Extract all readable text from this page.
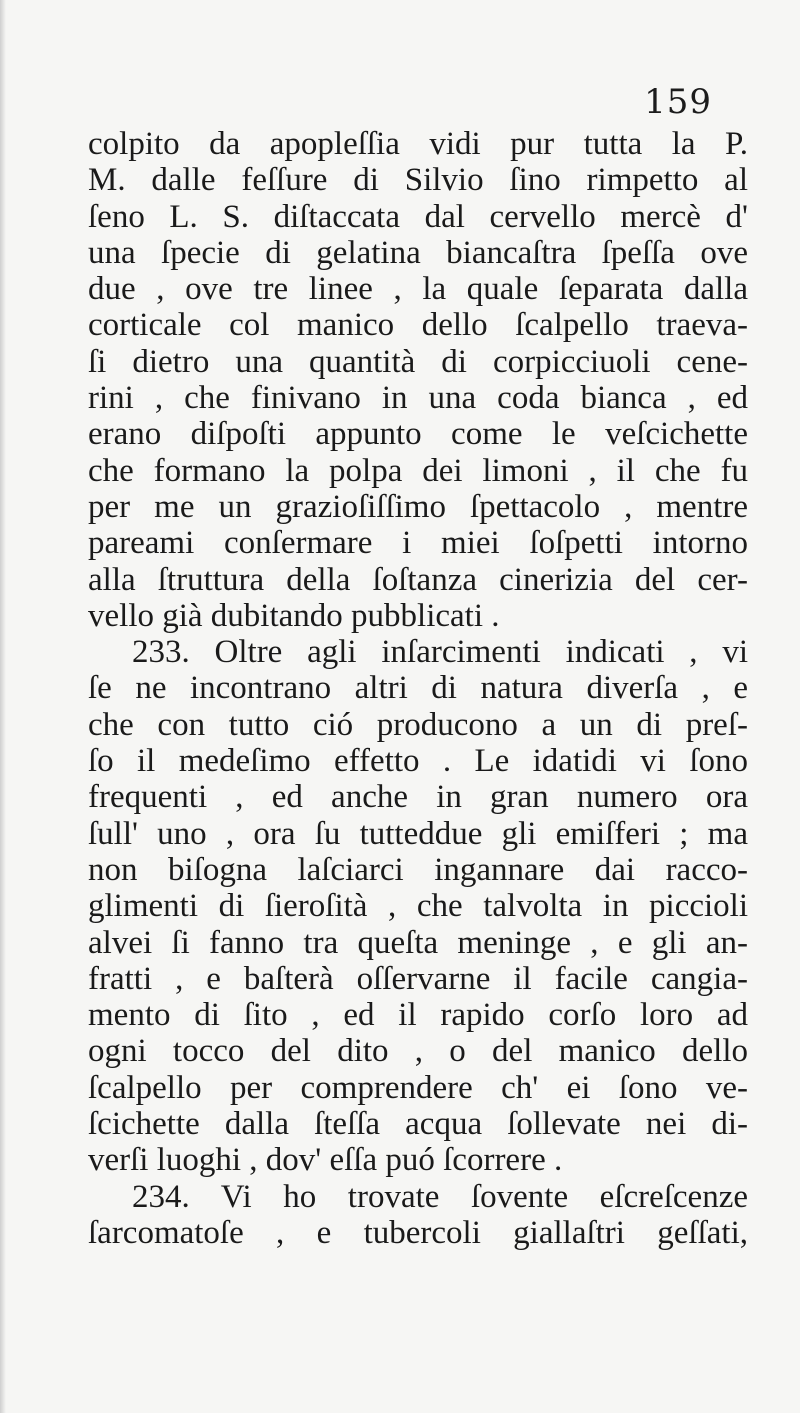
159
colpito da apopleſſia vidi pur tutta la P.
M. dalle feſſure di Silvio ſino rimpetto al
ſeno L. S. diſtaccata dal cervello mercè d'
una ſpecie di gelatina biancaſtra ſpeſſa ove
due , ove tre linee , la quale ſeparata dalla
corticale col manico dello ſcalpello traeva-
ſi dietro una quantità di corpicciuoli cene-
rini , che finivano in una coda bianca , ed
erano diſpoſti appunto come le veſcichette
che formano la polpa dei limoni , il che fu
per me un grazioſiſſimo ſpettacolo , mentre
pareami conſermare i miei ſoſpetti intorno
alla ſtruttura della ſoſtanza cinerizia del cer-
vello già dubitando pubblicati .
233. Oltre agli inſarcimenti indicati , vi
ſe ne incontrano altri di natura diverſa , e
che con tutto ció producono a un di preſ-
ſo il medeſimo effetto . Le idatidi vi ſono
frequenti , ed anche in gran numero ora
ſull' uno , ora ſu tutteddue gli emiſferi ; ma
non biſogna laſciarci ingannare dai racco-
glimenti di ſieroſità , che talvolta in piccioli
alvei ſi fanno tra queſta meninge , e gli an-
fratti , e baſterà oſſervarne il facile cangia-
mento di ſito , ed il rapido corſo loro ad
ogni tocco del dito , o del manico dello
ſcalpello per comprendere ch' ei ſono ve-
ſcichette dalla ſteſſa acqua ſollevate nei di-
verſi luoghi , dov' eſſa puó ſcorrere .
234. Vi ho trovate ſovente eſcreſcenze
ſarcomatoſe , e tubercoli giallaſtri geſſati,
